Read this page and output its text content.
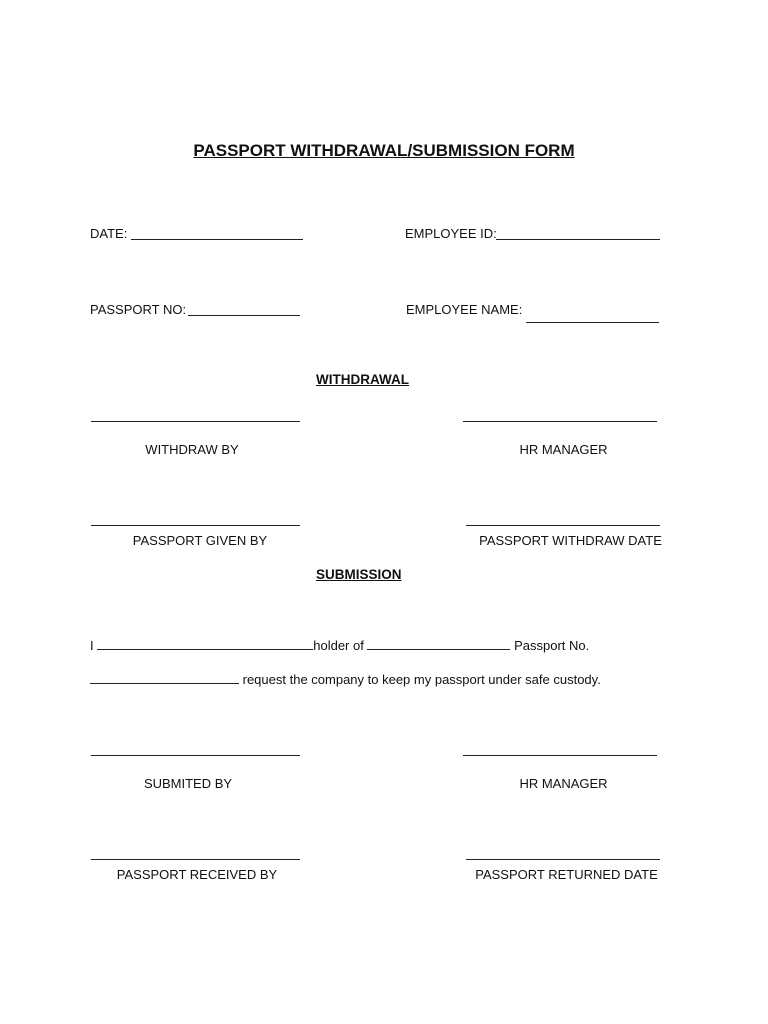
PASSPORT WITHDRAWAL/SUBMISSION FORM
DATE:	EMPLOYEE ID:
PASSPORT NO:	EMPLOYEE NAME:
WITHDRAWAL
WITHDRAW BY	HR MANAGER
PASSPORT GIVEN BY	PASSPORT WITHDRAW DATE
SUBMISSION
I	holder of	Passport No.
request the company to keep my passport under safe custody.
SUBMITED BY	HR MANAGER
PASSPORT RECEIVED BY	PASSPORT RETURNED DATE
